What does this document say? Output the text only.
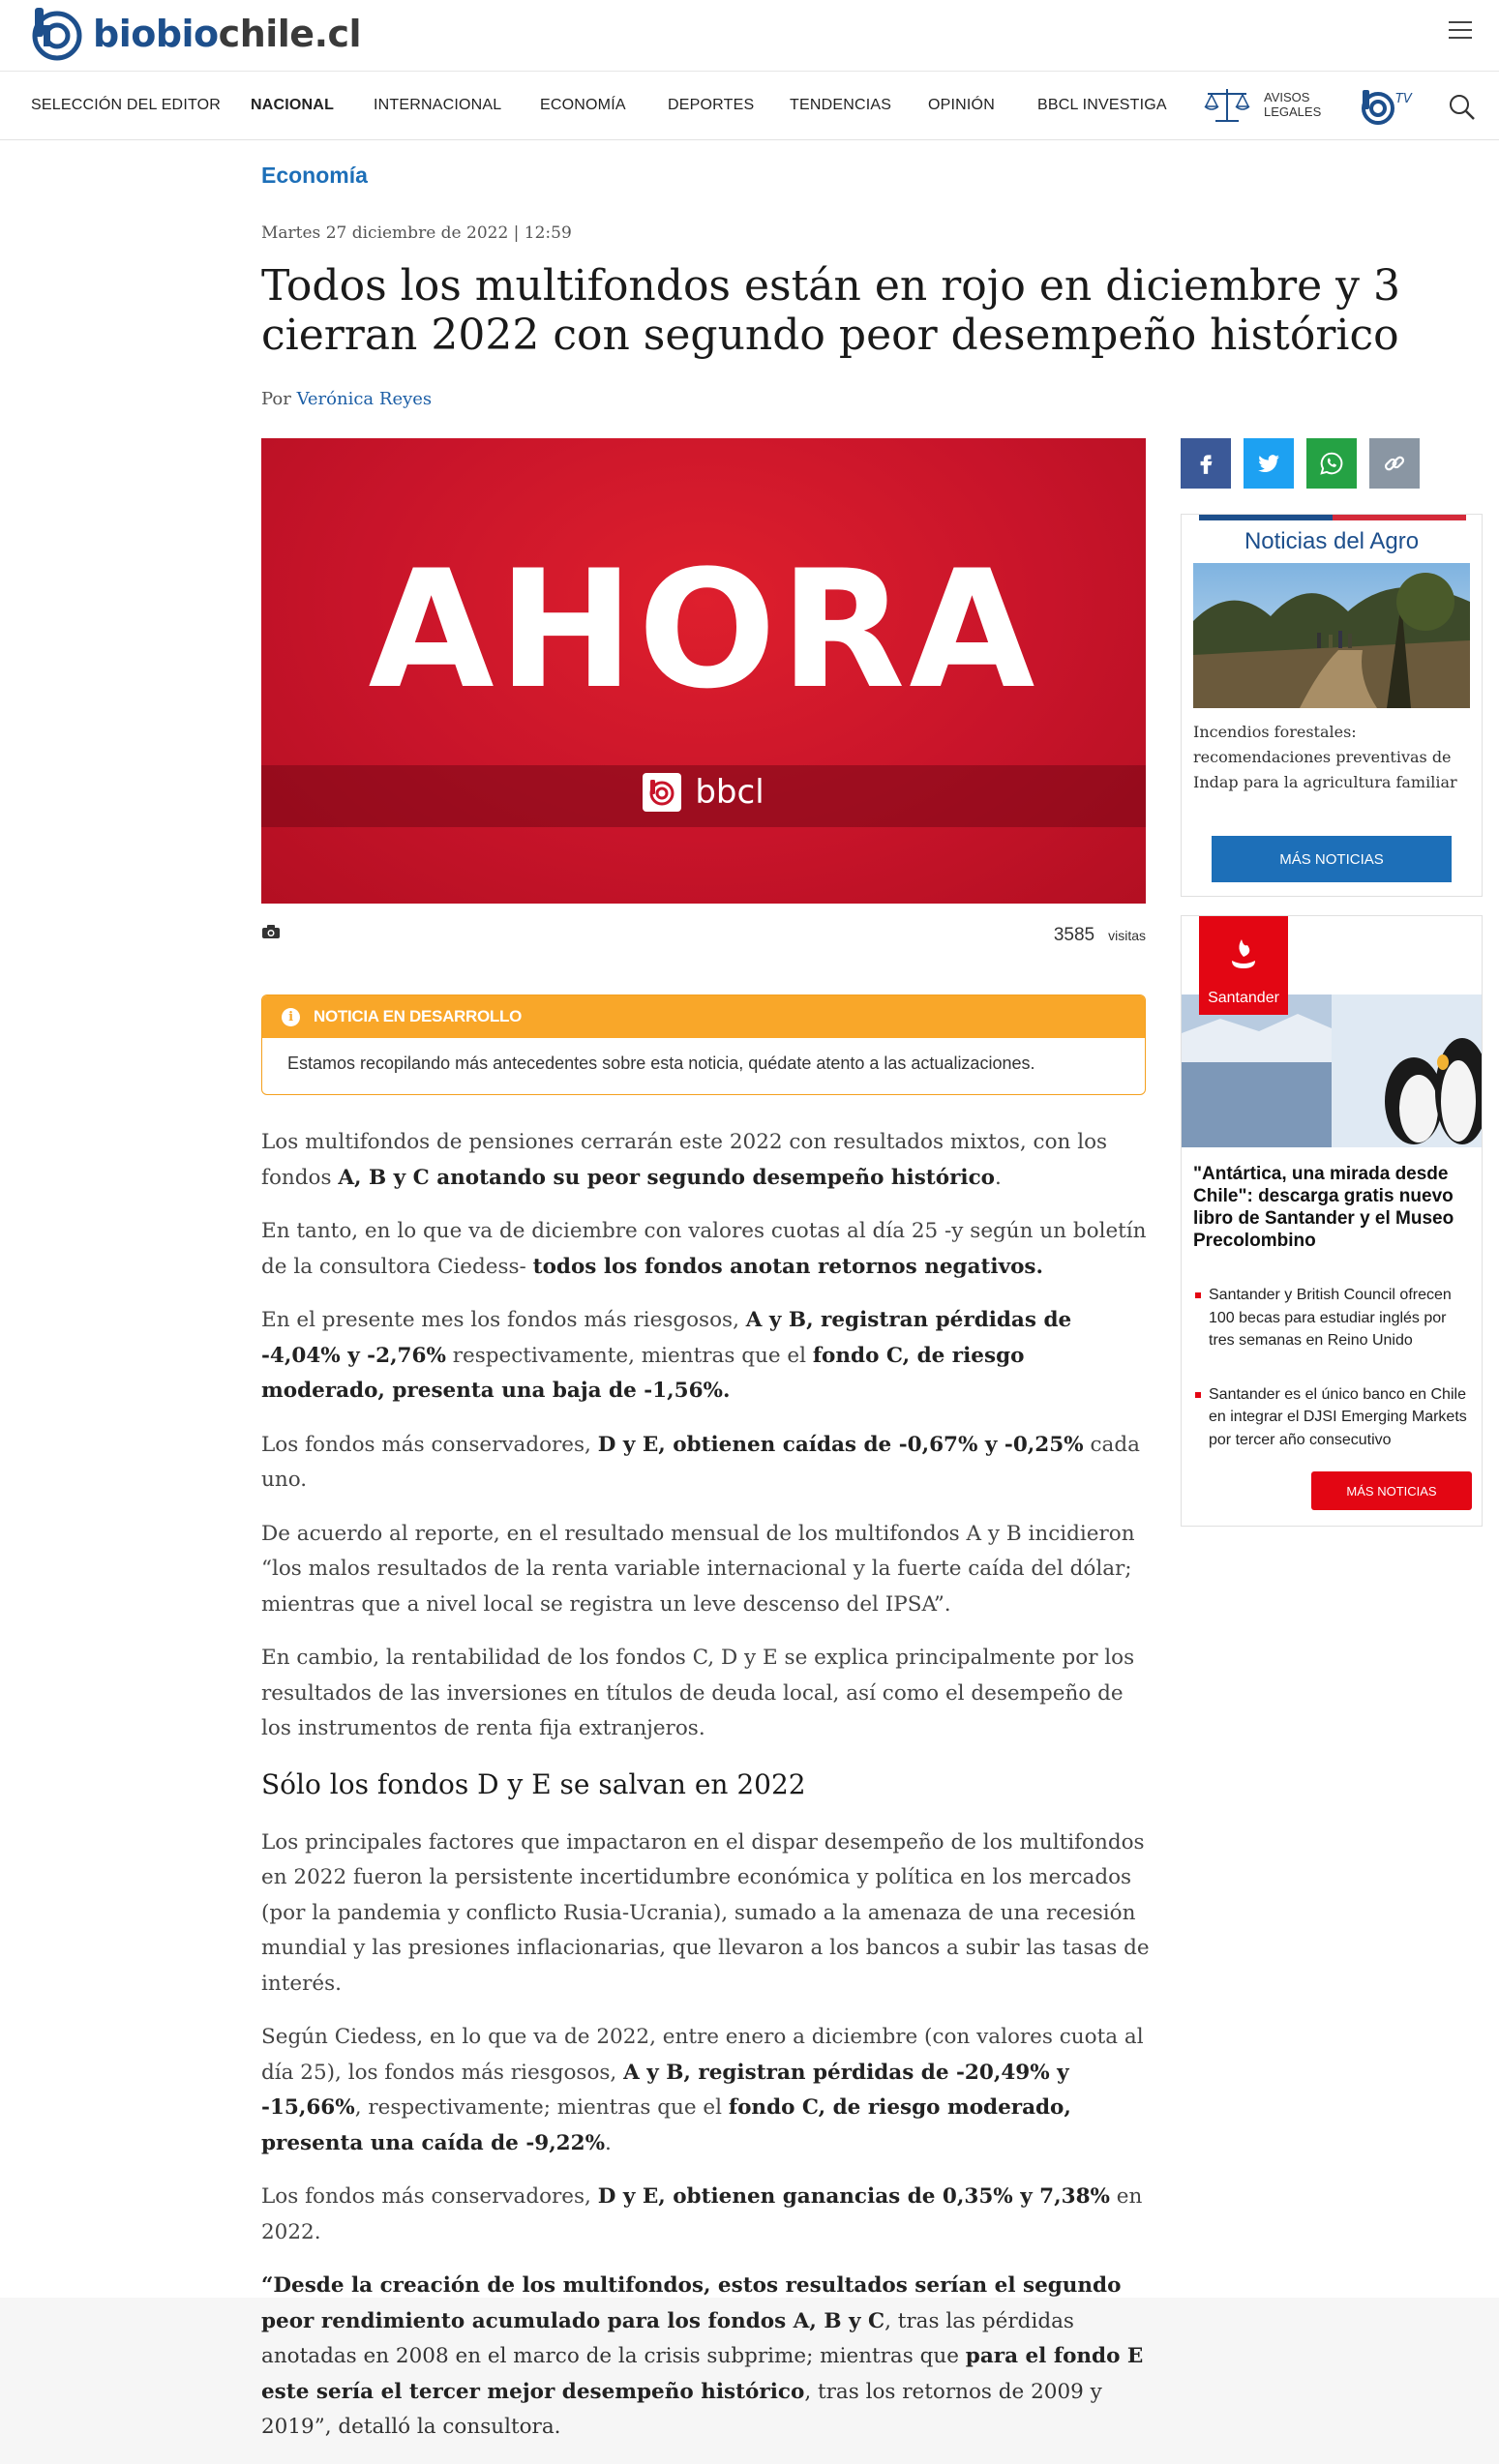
biobiochile.cl
SELECCIÓN DEL EDITOR NACIONAL	INTERNACIONAL ECONOMÍA	DEPORTES TENDENCIAS OPINIÓN	BBCL INVESTIGA	AVISOS
LEGALES
TV
Economía
Martes 27 diciembre de 2022 | 12:59
Todos los multifondos están en rojo en diciembre y 3 cierran 2022 con segundo peor desempeño histórico
Por Verónica Reyes
AHORA
bbcl
3585 visitas
i	NOTICIA EN DESARROLLO
Estamos recopilando más antecedentes sobre esta noticia, quédate atento a las actualizaciones.

Los multifondos de pensiones cerrarán este 2022 con resultados mixtos, con los fondos A, B y C anotando su peor segundo desempeño histórico.

En tanto, en lo que va de diciembre con valores cuotas al día 25 -y según un boletín de la consultora Ciedess- todos los fondos anotan retornos negativos.

En el presente mes los fondos más riesgosos, A y B, registran pérdidas de -4,04% y -2,76% respectivamente, mientras que el fondo C, de riesgo moderado, presenta una baja de -1,56%.

Los fondos más conservadores, D y E, obtienen caídas de -0,67% y -0,25% cada uno.

De acuerdo al reporte, en el resultado mensual de los multifondos A y B incidieron “los malos resultados de la renta variable internacional y la fuerte caída del dólar; mientras que a nivel local se registra un leve descenso del IPSA”.

En cambio, la rentabilidad de los fondos C, D y E se explica principalmente por los resultados de las inversiones en títulos de deuda local, así como el desempeño de los instrumentos de renta fija extranjeros.

Sólo los fondos D y E se salvan en 2022

Los principales factores que impactaron en el dispar desempeño de los multifondos en 2022 fueron la persistente incertidumbre económica y política en los mercados (por la pandemia y conflicto Rusia-Ucrania), sumado a la amenaza de una recesión mundial y las presiones inflacionarias, que llevaron a los bancos a subir las tasas de interés.

Según Ciedess, en lo que va de 2022, entre enero a diciembre (con valores cuota al día 25), los fondos más riesgosos, A y B, registran pérdidas de -20,49% y -15,66%, respectivamente; mientras que el fondo C, de riesgo moderado, presenta una caída de -9,22%.

Los fondos más conservadores, D y E, obtienen ganancias de 0,35% y 7,38% en 2022.

“Desde la creación de los multifondos, estos resultados serían el segundo peor rendimiento acumulado para los fondos A, B y C, tras las pérdidas anotadas en 2008 en el marco de la crisis subprime; mientras que para el fondo E este sería el tercer mejor desempeño histórico, tras los retornos de 2009 y 2019”, detalló la consultora.

Noticias del Agro
Incendios forestales: recomendaciones preventivas de Indap para la agricultura familiar
MÁS NOTICIAS
Santander
"Antártica, una mirada desde Chile": descarga gratis nuevo libro de Santander y el Museo Precolombino
Santander y British Council ofrecen 100 becas para estudiar inglés por tres semanas en Reino Unido
Santander es el único banco en Chile en integrar el DJSI Emerging Markets por tercer año consecutivo
MÁS NOTICIAS
